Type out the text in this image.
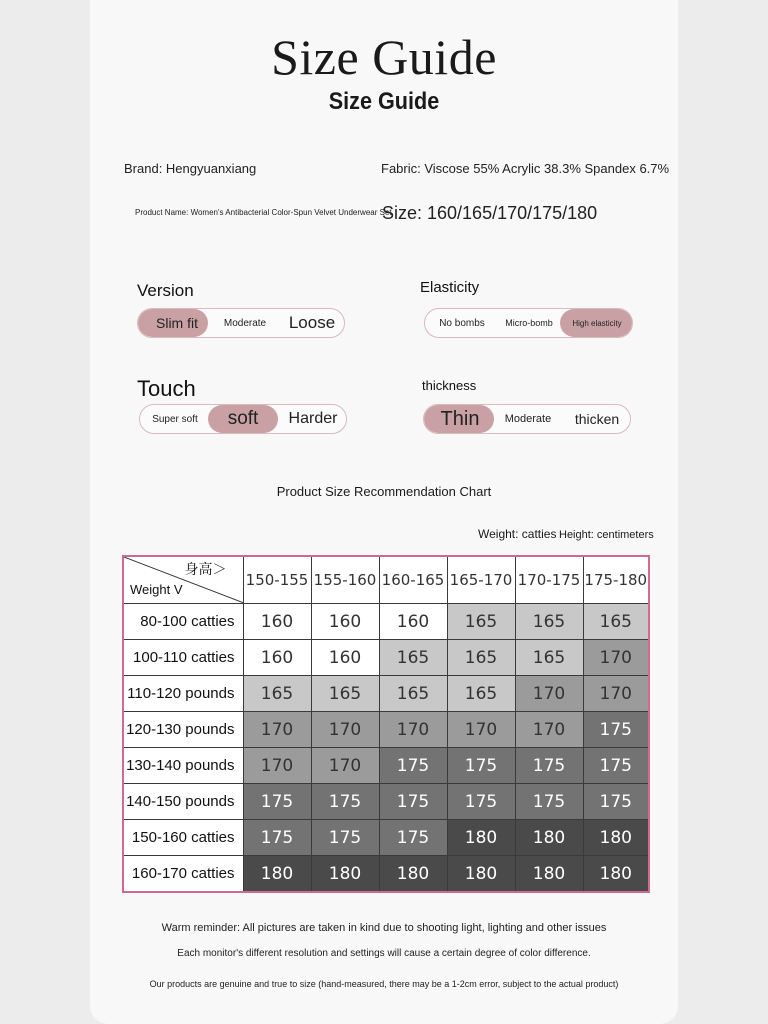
Size Guide
Size Guide
Brand: Hengyuanxiang	Fabric: Viscose 55% Acrylic 38.3% Spandex 6.7%
Product Name: Women's Antibacterial Color-Spun Velvet Underwear Set
Size: 160/165/170/175/180
Version
Slim fit	Moderate	Loose
Elasticity
No bombs	Micro-bomb	High elasticity
Touch
Super soft	soft	Harder
thickness
Thin	Moderate	thicken
Product Size Recommendation Chart
Weight: catties Height: centimeters
身高＞
Weight V	150-155	155-160	160-165	165-170	170-175	175-180
80-100 catties	160	160	160	165	165	165
100-110 catties	160	160	165	165	165	170
110-120 pounds	165	165	165	165	170	170
120-130 pounds	170	170	170	170	170	175
130-140 pounds	170	170	175	175	175	175
140-150 pounds	175	175	175	175	175	175
150-160 catties	175	175	175	180	180	180
160-170 catties	180	180	180	180	180	180
Warm reminder: All pictures are taken in kind due to shooting light, lighting and other issues
Each monitor's different resolution and settings will cause a certain degree of color difference.
Our products are genuine and true to size (hand-measured, there may be a 1-2cm error, subject to the actual product)
